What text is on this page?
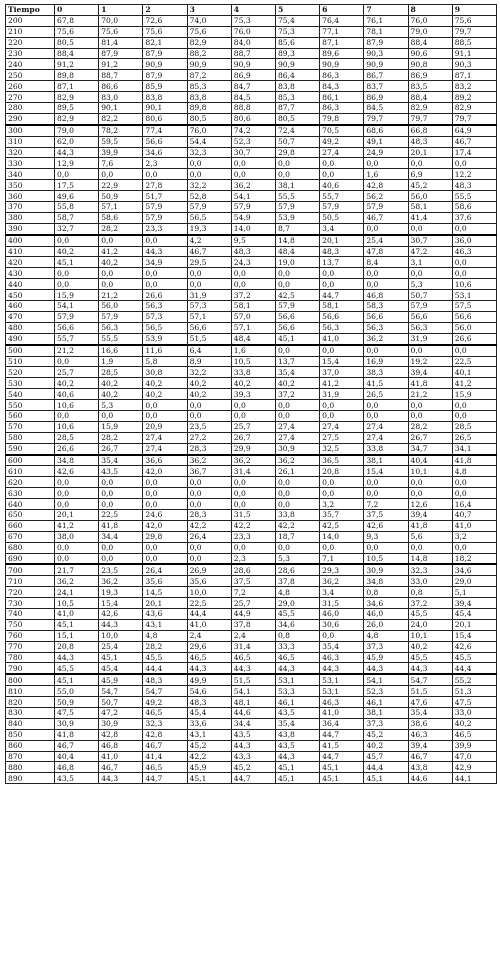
Tiempo	0	1	2	3	4	5	6	7	8	9
200	67,8	70,0	72,6	74,0	75,3	75,4	76,4	76,1	76,0	75,6
210	75,6	75,6	75,6	75,6	76,0	75,3	77,1	78,1	79,0	79,7
220	80,5	81,4	82,1	82,9	84,0	85,6	87,1	87,9	88,4	88,5
230	88,4	87,9	87,9	88,2	88,7	89,3	89,6	90,3	90,6	91,1
240	91,2	91,2	90,9	90,9	90,9	90,9	90,9	90,9	90,8	90,3
250	89,8	88,7	87,9	87,2	86,9	86,4	86,3	86,7	86,9	87,1
260	87,1	86,6	85,9	85,3	84,7	83,8	84,3	83,7	83,5	83,2
270	82,9	83,0	83,8	83,8	84,5	85,3	86,1	86,9	88,4	89,2
280	89,5	90,1	90,1	89,8	88,8	87,7	86,3	84,5	82,9	82,9
290	82,9	82,2	80,6	80,5	80,6	80,5	79,8	79,7	79,7	79,7
300	79,0	78,2	77,4	76,0	74,2	72,4	70,5	68,6	66,8	64,9
310	62,0	59,5	56,6	54,4	52,3	50,7	49,2	49,1	48,3	46,7
320	44,3	39,9	34,6	32,3	30,7	29,8	27,4	24,9	20,1	17,4
330	12,9	7,6	2,3	0,0	0,0	0,0	0,0	0,0	0,0	0,0
340	0,0	0,0	0,0	0,0	0,0	0,0	0,0	1,6	6,9	12,2
350	17,5	22,9	27,8	32,2	36,2	38,1	40,6	42,8	45,2	48,3
360	49,6	50,9	51,7	52,8	54,1	55,5	55,7	56,2	56,0	55,5
370	55,8	57,1	57,9	57,9	57,9	57,9	57,9	57,9	58,1	58,6
380	58,7	58,6	57,9	56,5	54,9	53,9	50,5	46,7	41,4	37,6
390	32,7	28,2	23,3	19,3	14,0	8,7	3,4	0,0	0,0	0,0
400	0,0	0,0	0,0	4,2	9,5	14,8	20,1	25,4	30,7	36,0
410	40,2	41,2	44,3	46,7	48,3	48,4	48,3	47,8	47,2	46,3
420	45,1	40,2	34,9	29,5	24,3	19,0	13,7	8,4	3,1	0,0
430	0,0	0,0	0,0	0,0	0,0	0,0	0,0	0,0	0,0	0,0
440	0,0	0,0	0,0	0,0	0,0	0,0	0,0	0,0	5,3	10,6
450	15,9	21,2	26,6	31,9	37,2	42,5	44,7	46,8	50,7	53,1
460	54,1	56,0	56,3	57,3	58,1	57,9	58,1	58,3	57,9	57,5
470	57,9	57,9	57,3	57,1	57,0	56,6	56,6	56,6	56,6	56,6
480	56,6	56,3	56,5	56,6	57,1	56,6	56,3	56,3	56,3	56,0
490	55,7	55,5	53,9	51,5	48,4	45,1	41,0	36,2	31,9	26,6
500	21,2	16,6	11,6	6,4	1,6	0,0	0,0	0,0	0,0	0,0
510	0,0	1,9	5,8	8,9	10,5	13,7	15,4	16,9	19,2	22,5
520	25,7	28,5	30,8	32,2	33,8	35,4	37,0	38,3	39,4	40,1
530	40,2	40,2	40,2	40,2	40,2	40,2	41,2	41,5	41,8	41,2
540	40,6	40,2	40,2	40,2	39,3	37,2	31,9	26,5	21,2	15,9
550	10,6	5,3	0,0	0,0	0,0	0,0	0,0	0,0	0,0	0,0
560	0,0	0,0	0,0	0,0	0,0	0,0	0,0	0,0	0,0	0,0
570	10,6	15,9	20,9	23,5	25,7	27,4	27,4	27,4	28,2	28,5
580	28,5	28,2	27,4	27,2	26,7	27,4	27,5	27,4	26,7	26,5
590	26,6	26,7	27,4	28,3	29,9	30,9	32,5	33,8	34,7	34,1
600	34,8	35,4	36,6	36,2	36,2	36,2	36,5	38,1	40,4	41,8
610	42,6	43,5	42,0	36,7	31,4	26,1	20,8	15,4	10,1	4,8
620	0,0	0,0	0,0	0,0	0,0	0,0	0,0	0,0	0,0	0,0
630	0,0	0,0	0,0	0,0	0,0	0,0	0,0	0,0	0,0	0,0
640	0,0	0,0	0,0	0,0	0,0	0,0	3,2	7,2	12,6	16,4
650	20,1	22,5	24,6	28,3	31,5	33,8	35,7	37,5	39,4	40,7
660	41,2	41,8	42,0	42,2	42,2	42,2	42,5	42,6	41,8	41,0
670	38,0	34,4	29,8	26,4	23,3	18,7	14,0	9,3	5,6	3,2
680	0,0	0,0	0,0	0,0	0,0	0,0	0,0	0,0	0,0	0,0
690	0,0	0,0	0,0	0,0	2,3	5,3	7,1	10,5	14,8	18,2
700	21,7	23,5	26,4	26,9	28,6	28,6	29,3	30,9	32,3	34,6
710	36,2	36,2	35,6	35,6	37,5	37,8	36,2	34,8	33,0	29,0
720	24,1	19,3	14,5	10,0	7,2	4,8	3,4	0,8	0,8	5,1
730	10,5	15,4	20,1	22,5	25,7	29,0	31,5	34,6	37,2	39,4
740	41,0	42,6	43,6	44,4	44,9	45,5	46,0	46,0	45,5	45,4
750	45,1	44,3	43,1	41,0	37,8	34,6	30,6	26,0	24,0	20,1
760	15,1	10,0	4,8	2,4	2,4	0,8	0,0	4,8	10,1	15,4
770	20,8	25,4	28,2	29,6	31,4	33,3	35,4	37,3	40,2	42,6
780	44,3	45,1	45,5	46,5	46,5	46,5	46,3	45,9	45,5	45,5
790	45,5	45,4	44,4	44,3	44,3	44,3	44,3	44,3	44,3	44,4
800	45,1	45,9	48,3	49,9	51,5	53,1	53,1	54,1	54,7	55,2
810	55,0	54,7	54,7	54,6	54,1	53,3	53,1	52,3	51,5	51,3
820	50,9	50,7	49,2	48,3	48,1	46,1	46,3	46,1	47,6	47,5
830	47,5	47,2	46,5	45,4	44,6	43,5	41,0	38,1	35,4	33,0
840	30,9	30,9	32,3	33,6	34,4	35,4	36,4	37,3	38,6	40,2
850	41,8	42,8	42,8	43,1	43,5	43,8	44,7	45,2	46,3	46,5
860	46,7	46,8	46,7	45,2	44,3	43,5	41,5	40,2	39,4	39,9
870	40,4	41,0	41,4	42,2	43,3	44,3	44,7	45,7	46,7	47,0
880	46,8	46,7	46,5	45,9	45,2	45,1	45,1	44,4	43,8	42,9
890	43,5	44,3	44,7	45,1	44,7	45,1	45,1	45,1	44,6	44,1
